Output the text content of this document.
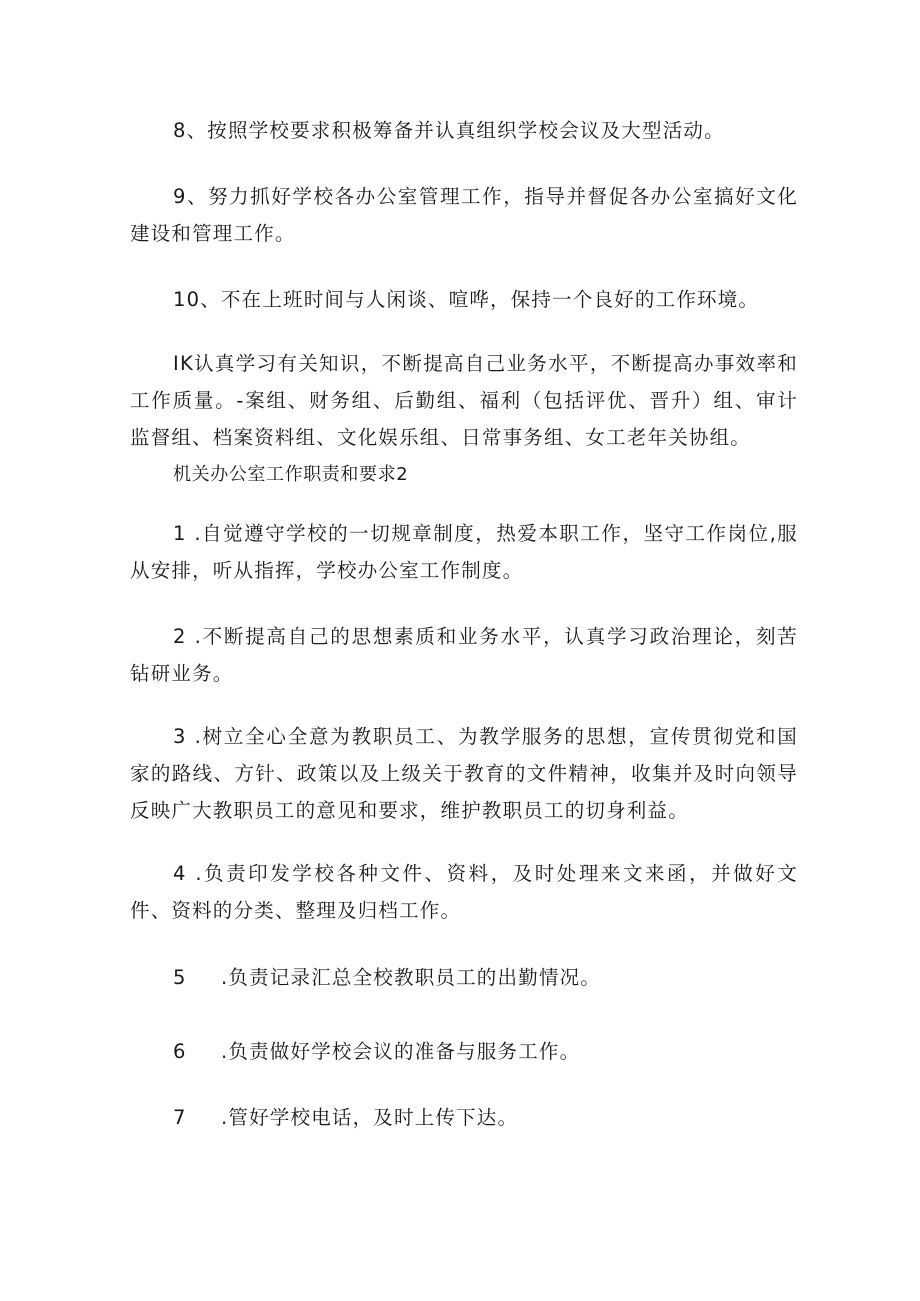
8、按照学校要求积极筹备并认真组织学校会议及大型活动。

9、努力抓好学校各办公室管理工作，指导并督促各办公室搞好文化建设和管理工作。

10、不在上班时间与人闲谈、喧哗，保持一个良好的工作环境。

IK认真学习有关知识，不断提高自己业务水平，不断提高办事效率和工作质量。-案组、财务组、后勤组、福利（包括评优、晋升）组、审计监督组、档案资料组、文化娱乐组、日常事务组、女工老年关协组。

机关办公室工作职责和要求2

1 .自觉遵守学校的一切规章制度，热爱本职工作，坚守工作岗位,服从安排，听从指挥，学校办公室工作制度。

2 .不断提高自己的思想素质和业务水平，认真学习政治理论，刻苦钻研业务。

3 .树立全心全意为教职员工、为教学服务的思想，宣传贯彻党和国家的路线、方针、政策以及上级关于教育的文件精神，收集并及时向领导反映广大教职员工的意见和要求，维护教职员工的切身利益。

4 .负责印发学校各种文件、资料，及时处理来文来函，并做好文件、资料的分类、整理及归档工作。

5 .负责记录汇总全校教职员工的出勤情况。

6 .负责做好学校会议的准备与服务工作。

7 .管好学校电话，及时上传下达。
